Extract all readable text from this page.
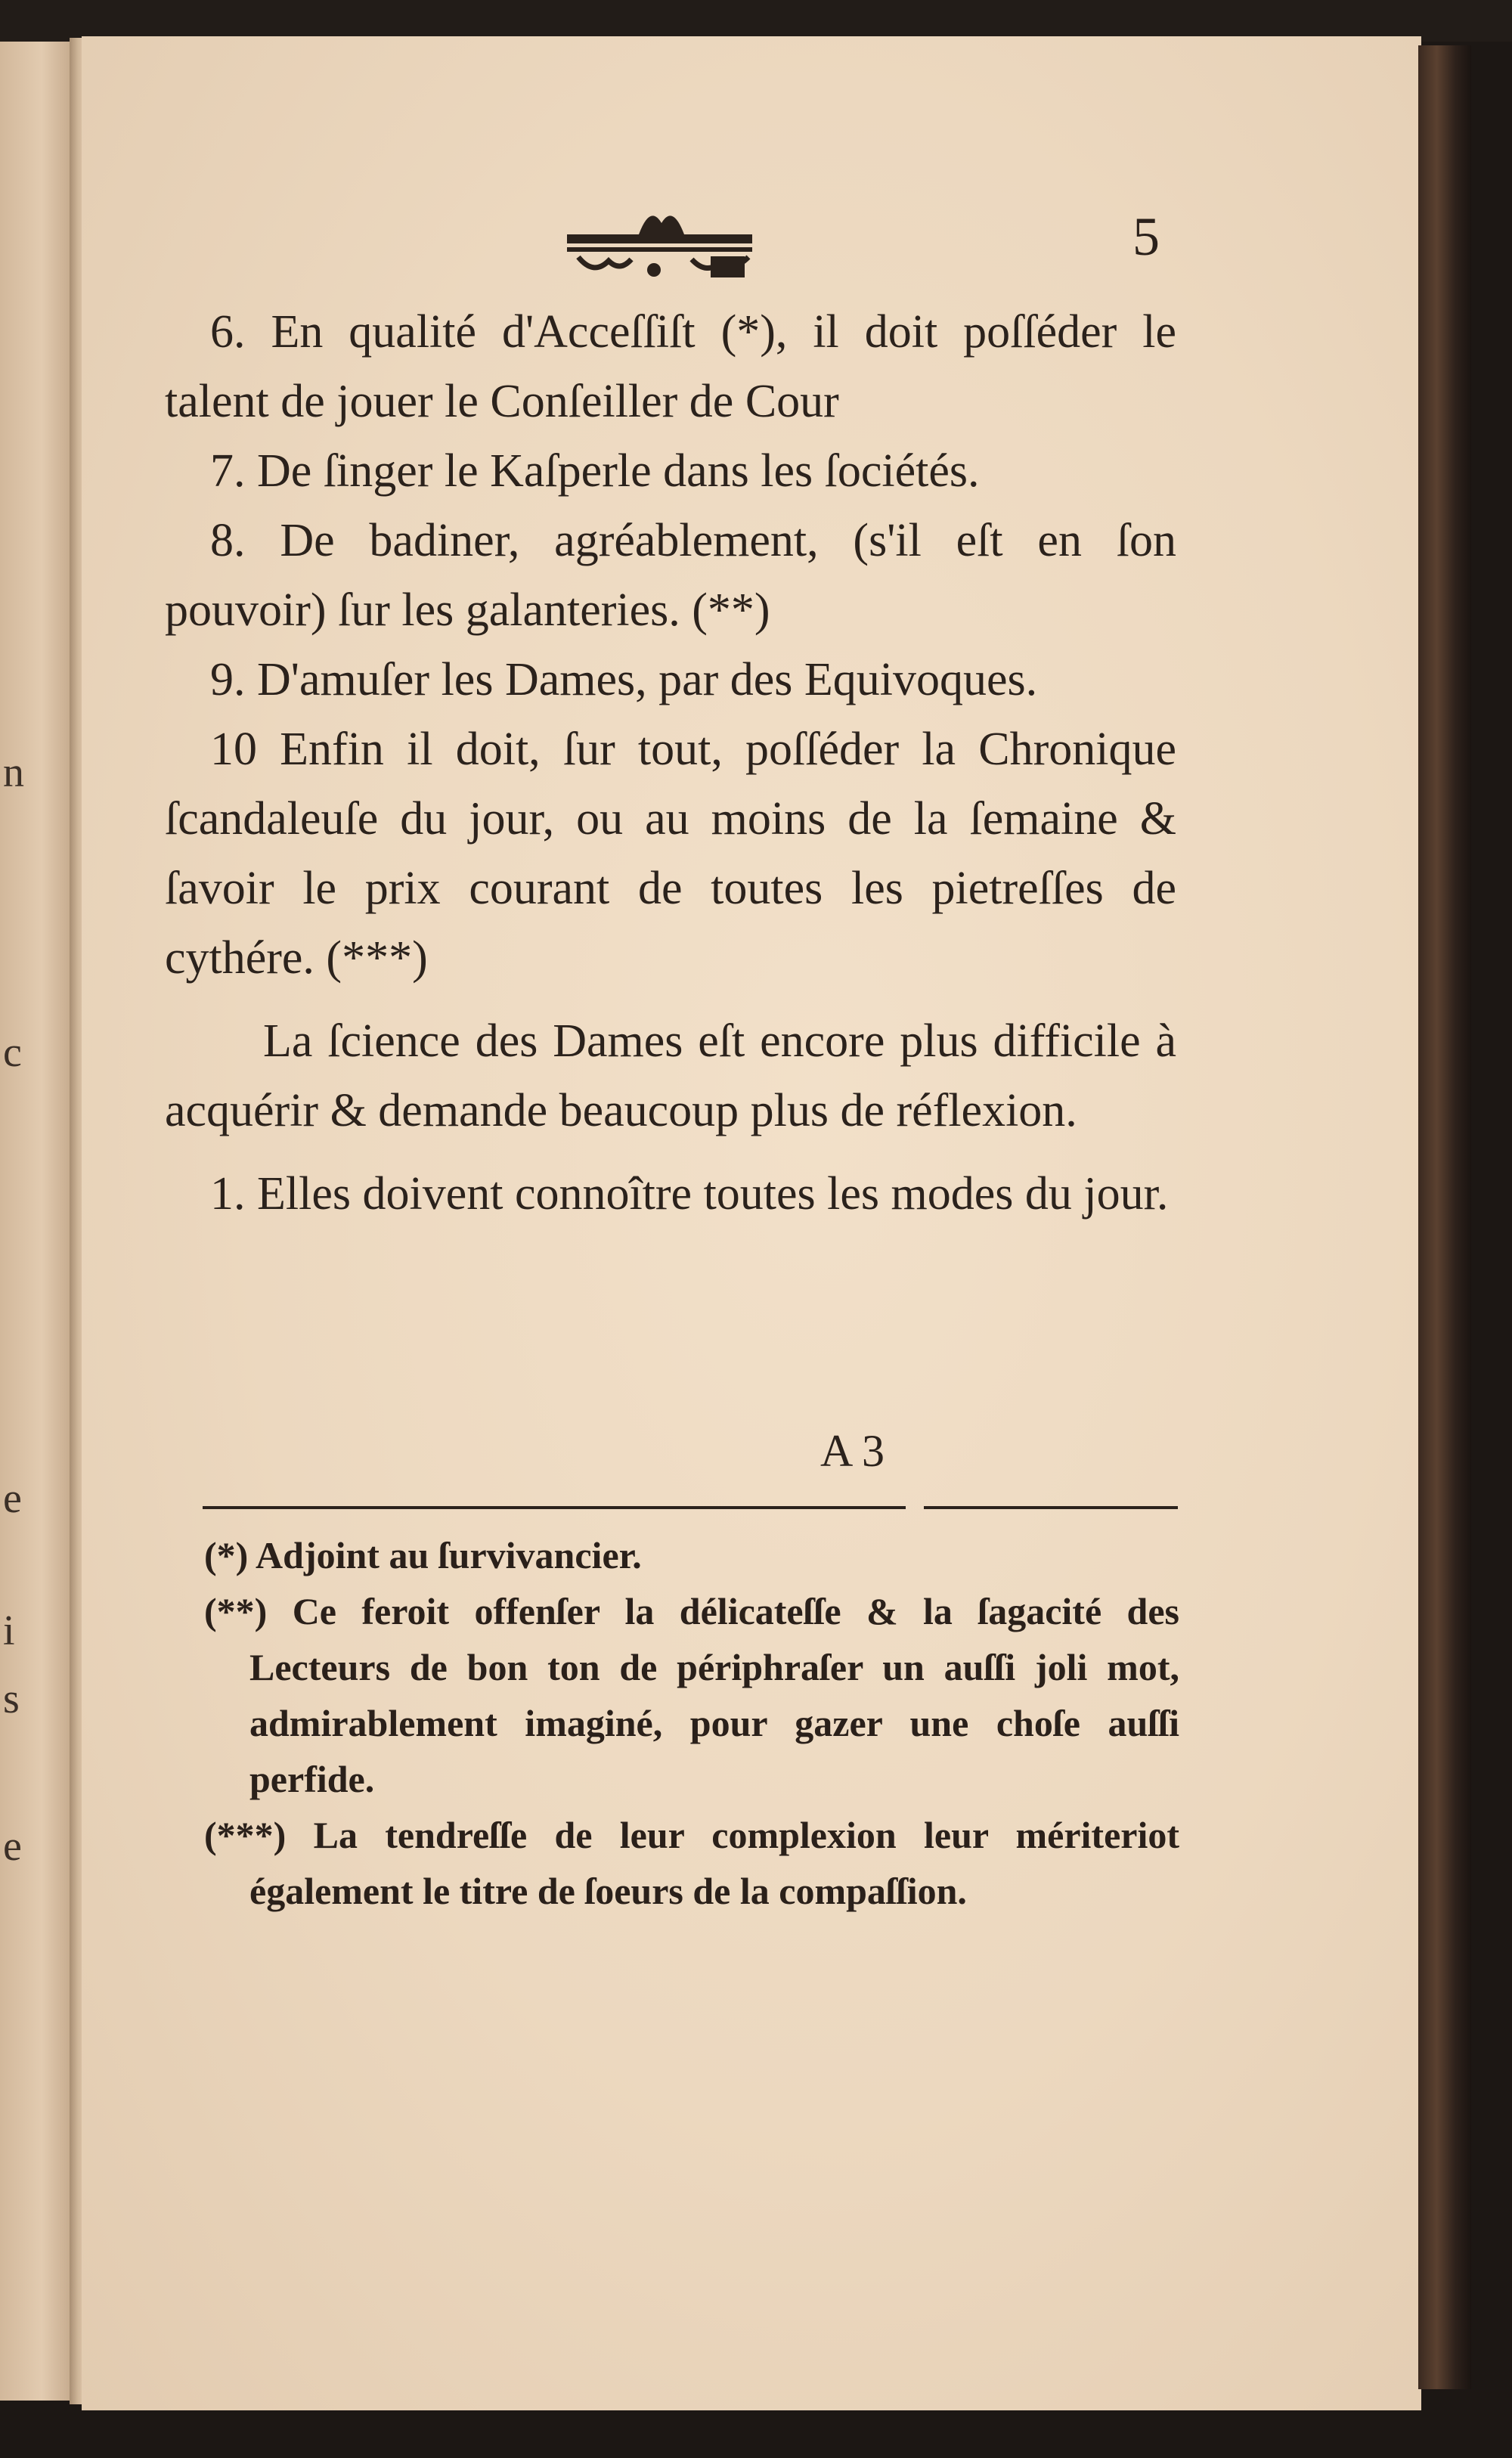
n
c
e
i
s
e
5

6. En qualité d'Acceſſiſt (*), il doit poſſéder le talent de jouer le Conſeiller de Cour

7. De ſinger le Kaſperle dans les ſociétés.

8. De badiner, agréablement, (s'il eſt en ſon pouvoir) ſur les galanteries. (**)

9. D'amuſer les Dames, par des Equivoques.

10 Enfin il doit, ſur tout, poſſéder la Chronique ſcandaleuſe du jour, ou au moins de la ſemaine & ſavoir le prix courant de toutes les pietreſſes de cythére. (***)

La ſcience des Dames eſt encore plus difficile à acquérir & demande beaucoup plus de réflexion.

1. Elles doivent connoître toutes les modes du jour.

A 3

(*) Adjoint au ſurvivancier.

(**) Ce feroit offenſer la délicateſſe & la ſagacité des Lecteurs de bon ton de périphraſer un auſſi joli mot, admirablement imaginé, pour gazer une choſe auſſi perfide.

(***) La tendreſſe de leur complexion leur mériteriot également le titre de ſoeurs de la compaſſion.
